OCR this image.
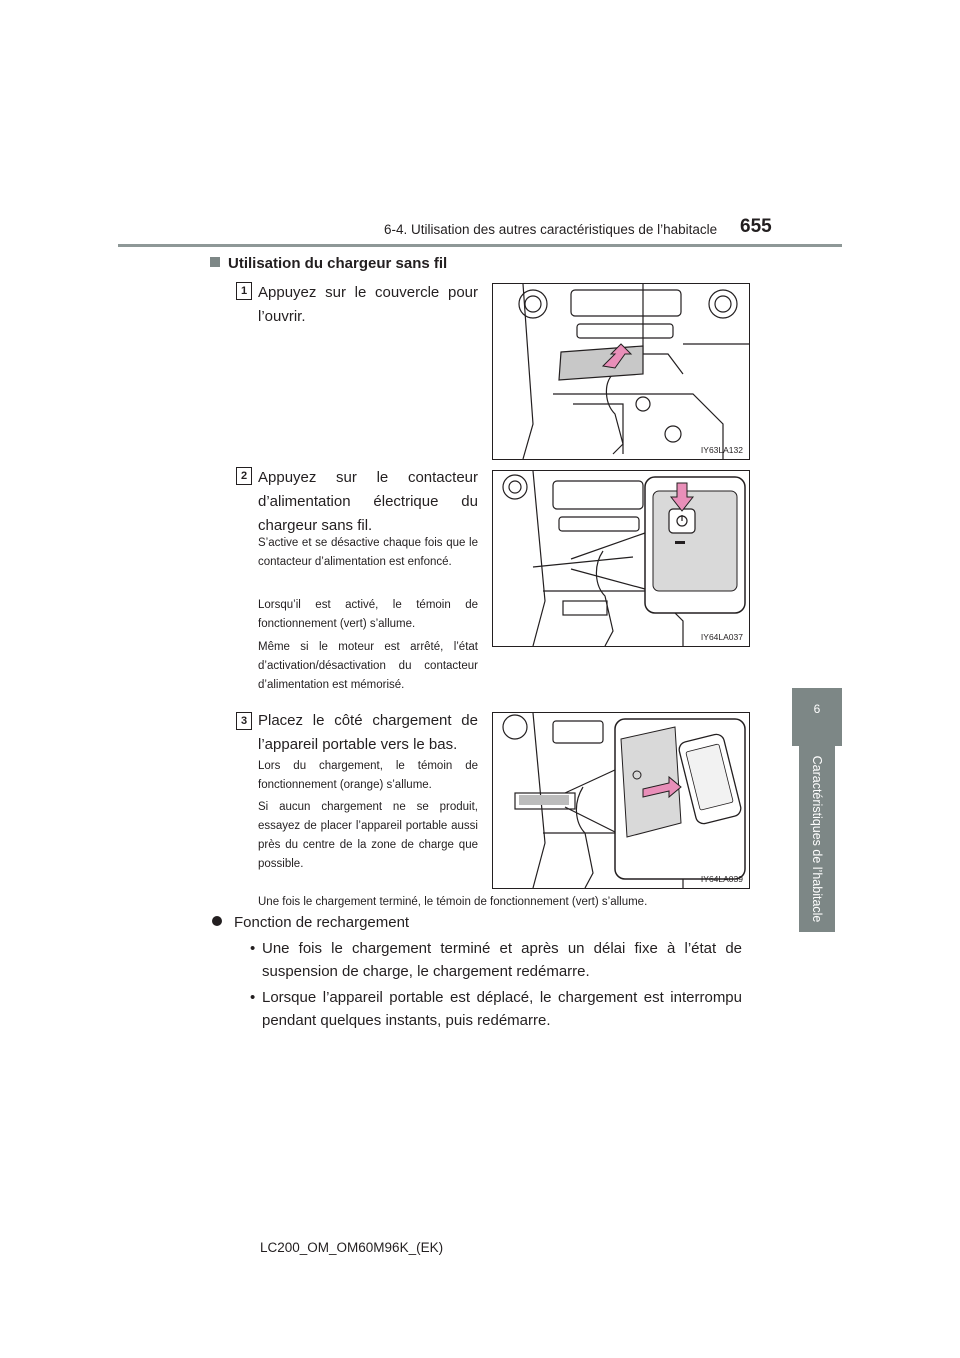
6-4. Utilisation des autres caractéristiques de l’habitacle 655
6
Caractéristiques de l’habitacle
Utilisation du chargeur sans fil
1 Appuyez sur le couvercle pour l’ouvrir.
IY63LA132
2 Appuyez sur le contacteur d’alimentation électrique du chargeur sans fil.
S’active et se désactive chaque fois que le contacteur d’alimentation est enfoncé.
Lorsqu’il est activé, le témoin de fonctionnement (vert) s’allume.
Même si le moteur est arrêté, l’état d’activation/désactivation du contacteur d’alimentation est mémorisé.
IY64LA037
3 Placez le côté chargement de l’appareil portable vers le bas.
Lors du chargement, le témoin de fonctionnement (orange) s’allume.
Si aucun chargement ne se produit, essayez de placer l’appareil portable aussi près du centre de la zone de charge que possible.
IY64LA039
Une fois le chargement terminé, le témoin de fonctionnement (vert) s’allume.
Fonction de rechargement
• Une fois le chargement terminé et après un délai fixe à l’état de suspension de charge, le chargement redémarre.
• Lorsque l’appareil portable est déplacé, le chargement est interrompu pendant quelques instants, puis redémarre.
LC200_OM_OM60M96K_(EK)
